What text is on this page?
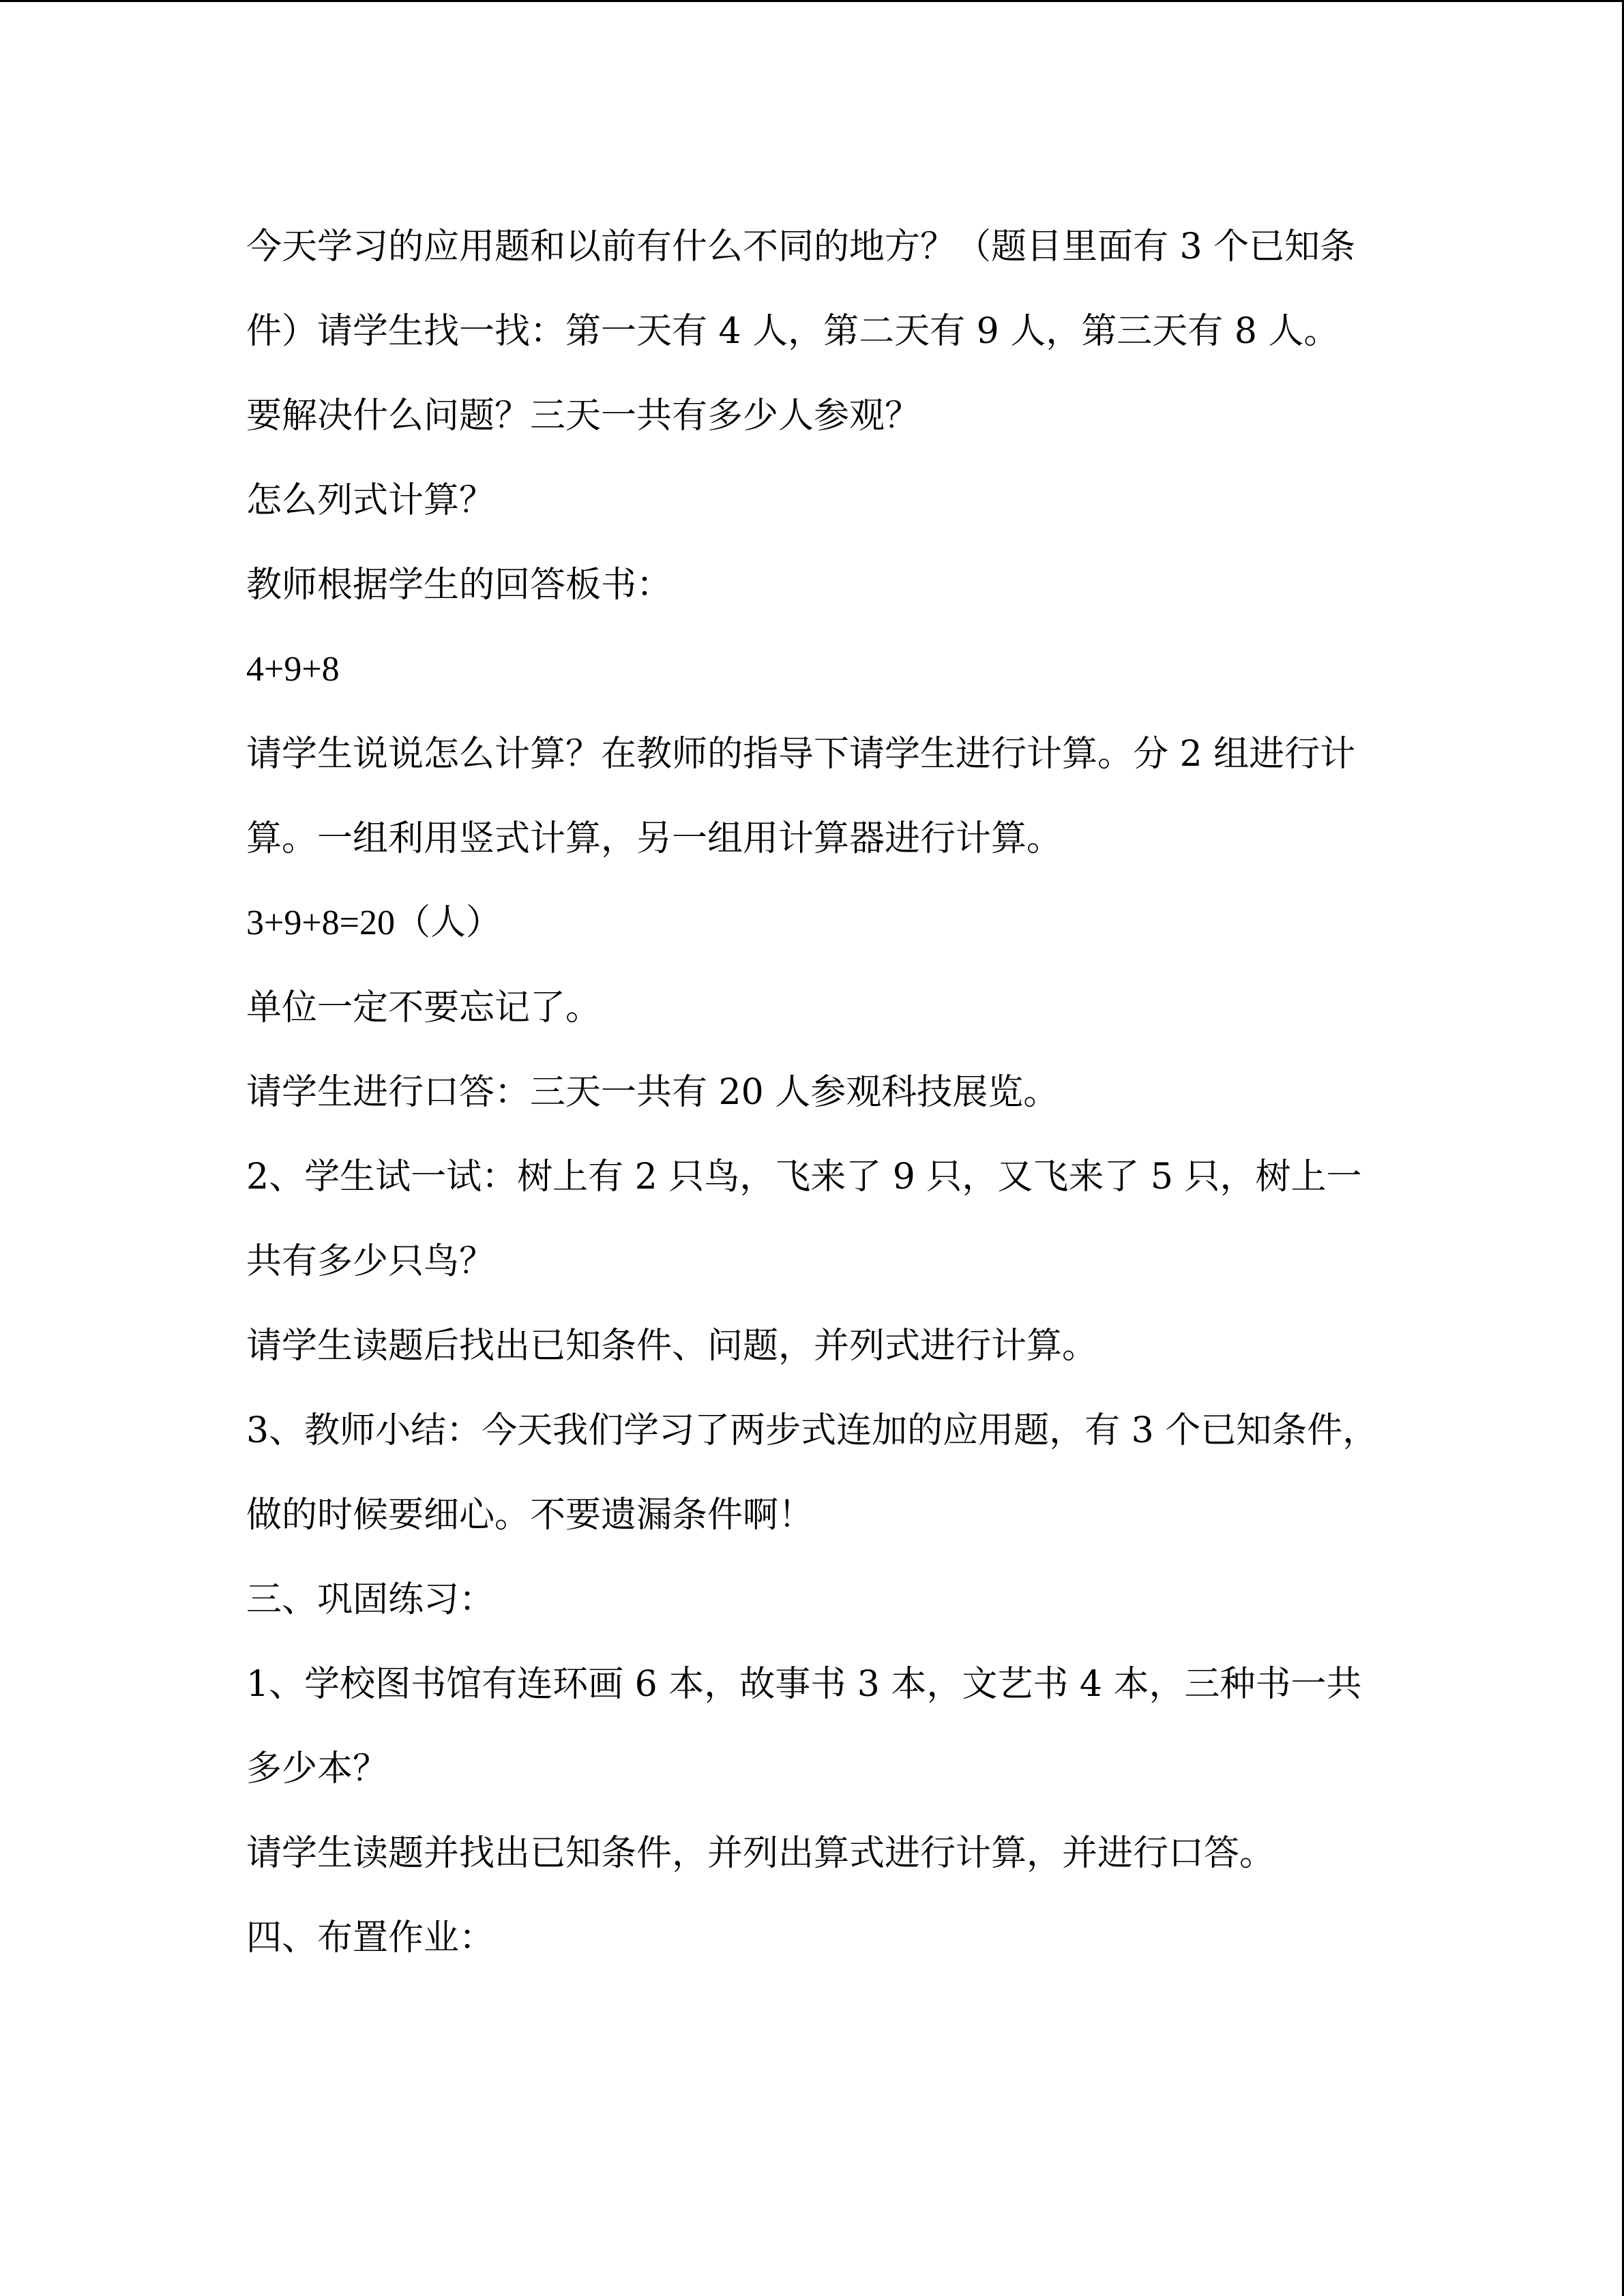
今天学习的应用题和以前有什么不同的地方？（题目里面有 3 个已知条件）请学生找一找：第一天有 4 人，第二天有 9 人，第三天有 8 人。

要解决什么问题？三天一共有多少人参观？

怎么列式计算？

教师根据学生的回答板书：

4+9+8

请学生说说怎么计算？在教师的指导下请学生进行计算。分 2 组进行计算。一组利用竖式计算，另一组用计算器进行计算。

3+9+8=20（人）

单位一定不要忘记了。

请学生进行口答：三天一共有 20 人参观科技展览。

2、学生试一试：树上有 2 只鸟，飞来了 9 只，又飞来了 5 只，树上一共有多少只鸟？

请学生读题后找出已知条件、问题，并列式进行计算。

3、教师小结：今天我们学习了两步式连加的应用题，有 3 个已知条件，做的时候要细心。不要遗漏条件啊！

三、巩固练习：

1、学校图书馆有连环画 6 本，故事书 3 本，文艺书 4 本，三种书一共多少本？

请学生读题并找出已知条件，并列出算式进行计算，并进行口答。

四、布置作业：
